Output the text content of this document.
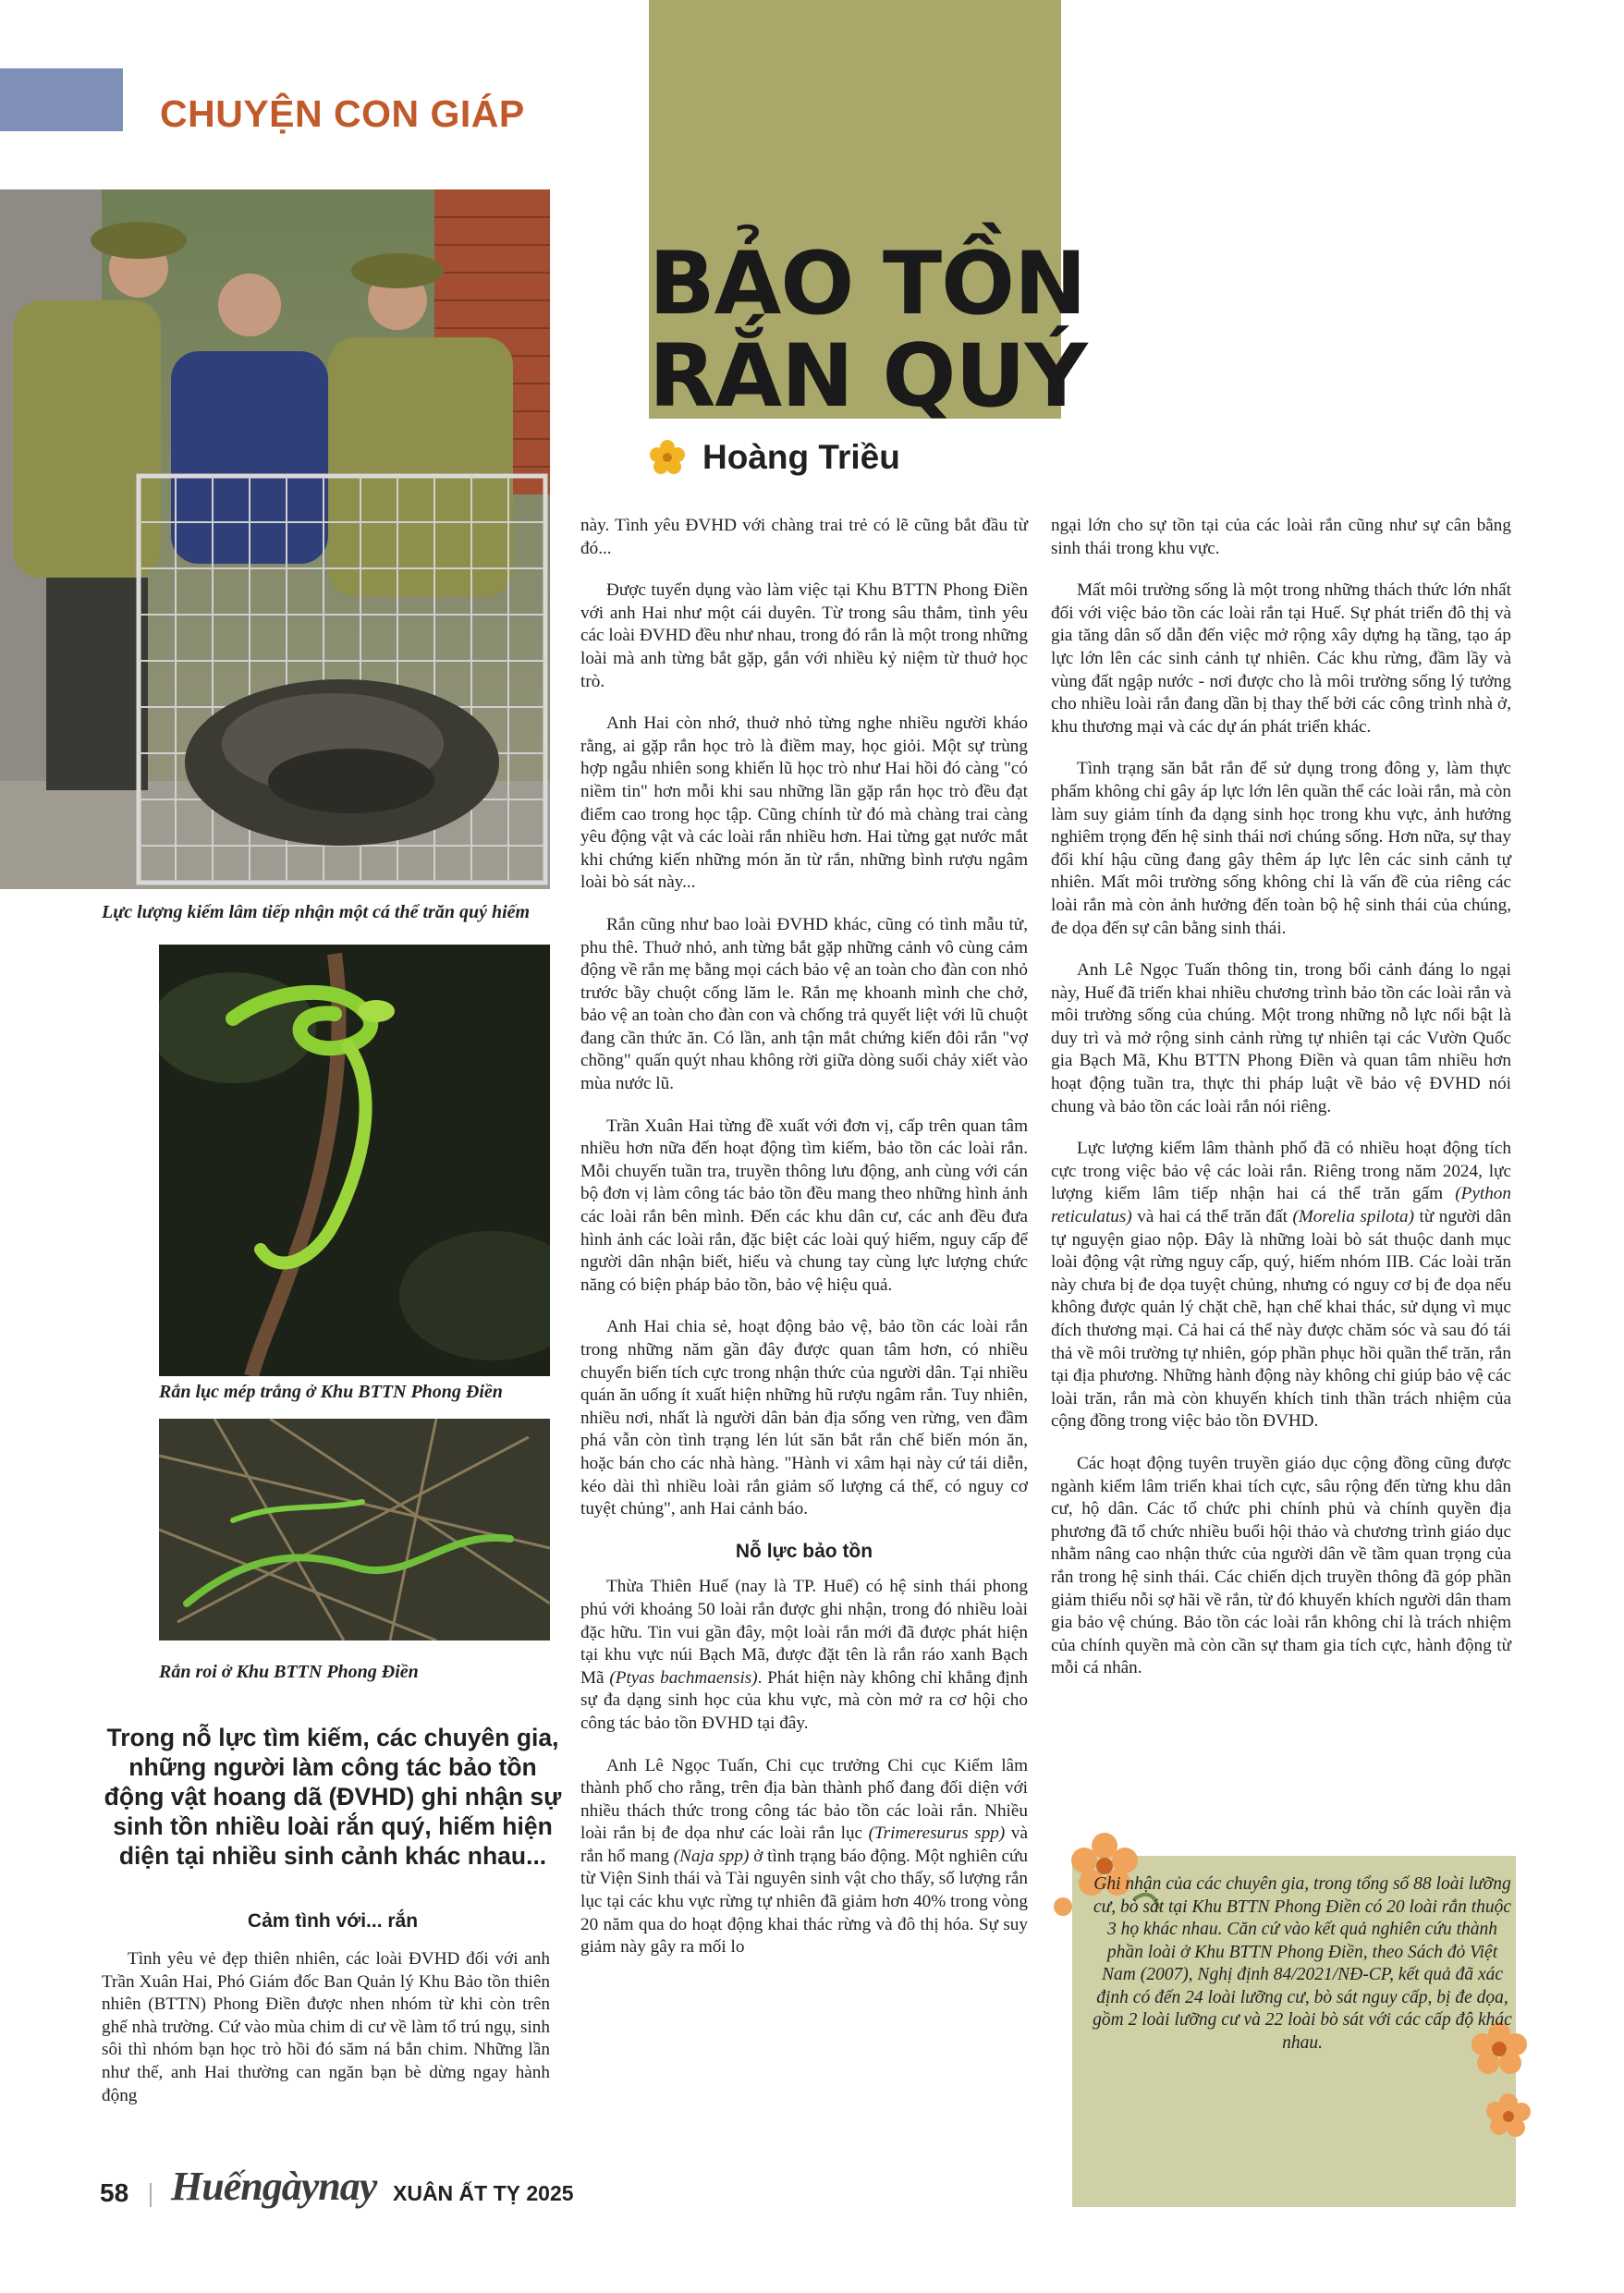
CHUYỆN CON GIÁP
BẢO TỒN
RẮN QUÝ
Hoàng Triều
Lực lượng kiểm lâm tiếp nhận một cá thể trăn quý hiếm
Rắn lục mép trắng ở Khu BTTN Phong Điền
Rắn roi ở Khu BTTN Phong Điền
Trong nỗ lực tìm kiếm, các chuyên gia, những người làm công tác bảo tồn động vật hoang dã (ĐVHD) ghi nhận sự sinh tồn nhiều loài rắn quý, hiếm hiện diện tại nhiều sinh cảnh khác nhau...
Cảm tình với... rắn

Tình yêu vẻ đẹp thiên nhiên, các loài ĐVHD đối với anh Trần Xuân Hai, Phó Giám đốc Ban Quản lý Khu Bảo tồn thiên nhiên (BTTN) Phong Điền được nhen nhóm từ khi còn trên ghế nhà trường. Cứ vào mùa chim di cư về làm tổ trú ngụ, sinh sôi thì nhóm bạn học trò hồi đó săm ná bắn chim. Những lần như thế, anh Hai thường can ngăn bạn bè dừng ngay hành động

này. Tình yêu ĐVHD với chàng trai trẻ có lẽ cũng bắt đầu từ đó...

Được tuyển dụng vào làm việc tại Khu BTTN Phong Điền với anh Hai như một cái duyên. Từ trong sâu thẳm, tình yêu các loài ĐVHD đều như nhau, trong đó rắn là một trong những loài mà anh từng bắt gặp, gắn với nhiều kỷ niệm từ thuở học trò.

Anh Hai còn nhớ, thuở nhỏ từng nghe nhiều người kháo rằng, ai gặp rắn học trò là điềm may, học giỏi. Một sự trùng hợp ngẫu nhiên song khiến lũ học trò như Hai hồi đó càng "có niềm tin" hơn mỗi khi sau những lần gặp rắn học trò đều đạt điểm cao trong học tập. Cũng chính từ đó mà chàng trai càng yêu động vật và các loài rắn nhiều hơn. Hai từng gạt nước mắt khi chứng kiến những món ăn từ rắn, những bình rượu ngâm loài bò sát này...

Rắn cũng như bao loài ĐVHD khác, cũng có tình mẫu tử, phu thê. Thuở nhỏ, anh từng bắt gặp những cảnh vô cùng cảm động về rắn mẹ bằng mọi cách bảo vệ an toàn cho đàn con nhỏ trước bầy chuột cống lăm le. Rắn mẹ khoanh mình che chở, bảo vệ an toàn cho đàn con và chống trả quyết liệt với lũ chuột đang cần thức ăn. Có lần, anh tận mắt chứng kiến đôi rắn "vợ chồng" quấn quýt nhau không rời giữa dòng suối chảy xiết vào mùa nước lũ.

Trần Xuân Hai từng đề xuất với đơn vị, cấp trên quan tâm nhiều hơn nữa đến hoạt động tìm kiếm, bảo tồn các loài rắn. Mỗi chuyến tuần tra, truyền thông lưu động, anh cùng với cán bộ đơn vị làm công tác bảo tồn đều mang theo những hình ảnh các loài rắn bên mình. Đến các khu dân cư, các anh đều đưa hình ảnh các loài rắn, đặc biệt các loài quý hiếm, nguy cấp để người dân nhận biết, hiểu và chung tay cùng lực lượng chức năng có biện pháp bảo tồn, bảo vệ hiệu quả.

Anh Hai chia sẻ, hoạt động bảo vệ, bảo tồn các loài rắn trong những năm gần đây được quan tâm hơn, có nhiều chuyển biến tích cực trong nhận thức của người dân. Tại nhiều quán ăn uống ít xuất hiện những hũ rượu ngâm rắn. Tuy nhiên, nhiều nơi, nhất là người dân bản địa sống ven rừng, ven đầm phá vẫn còn tình trạng lén lút săn bắt rắn chế biến món ăn, hoặc bán cho các nhà hàng. "Hành vi xâm hại này cứ tái diễn, kéo dài thì nhiều loài rắn giảm số lượng cá thể, có nguy cơ tuyệt chủng", anh Hai cảnh báo.

Nỗ lực bảo tồn

Thừa Thiên Huế (nay là TP. Huế) có hệ sinh thái phong phú với khoảng 50 loài rắn được ghi nhận, trong đó nhiều loài đặc hữu. Tin vui gần đây, một loài rắn mới đã được phát hiện tại khu vực núi Bạch Mã, được đặt tên là rắn ráo xanh Bạch Mã (Ptyas bachmaensis). Phát hiện này không chỉ khẳng định sự đa dạng sinh học của khu vực, mà còn mở ra cơ hội cho công tác bảo tồn ĐVHD tại đây.

Anh Lê Ngọc Tuấn, Chi cục trưởng Chi cục Kiểm lâm thành phố cho rằng, trên địa bàn thành phố đang đối diện với nhiều thách thức trong công tác bảo tồn các loài rắn. Nhiều loài rắn bị đe dọa như các loài rắn lục (Trimeresurus spp) và rắn hổ mang (Naja spp) ở tình trạng báo động. Một nghiên cứu từ Viện Sinh thái và Tài nguyên sinh vật cho thấy, số lượng rắn lục tại các khu vực rừng tự nhiên đã giảm hơn 40% trong vòng 20 năm qua do hoạt động khai thác rừng và đô thị hóa. Sự suy giảm này gây ra mối lo

ngại lớn cho sự tồn tại của các loài rắn cũng như sự cân bằng sinh thái trong khu vực.

Mất môi trường sống là một trong những thách thức lớn nhất đối với việc bảo tồn các loài rắn tại Huế. Sự phát triển đô thị và gia tăng dân số dẫn đến việc mở rộng xây dựng hạ tầng, tạo áp lực lớn lên các sinh cảnh tự nhiên. Các khu rừng, đầm lầy và vùng đất ngập nước - nơi được cho là môi trường sống lý tưởng cho nhiều loài rắn đang dần bị thay thế bởi các công trình nhà ở, khu thương mại và các dự án phát triển khác.

Tình trạng săn bắt rắn để sử dụng trong đông y, làm thực phẩm không chỉ gây áp lực lớn lên quần thể các loài rắn, mà còn làm suy giảm tính đa dạng sinh học trong khu vực, ảnh hưởng nghiêm trọng đến hệ sinh thái nơi chúng sống. Hơn nữa, sự thay đổi khí hậu cũng đang gây thêm áp lực lên các sinh cảnh tự nhiên. Mất môi trường sống không chỉ là vấn đề của riêng các loài rắn mà còn ảnh hưởng đến toàn bộ hệ sinh thái của chúng, đe dọa đến sự cân bằng sinh thái.

Anh Lê Ngọc Tuấn thông tin, trong bối cảnh đáng lo ngại này, Huế đã triển khai nhiều chương trình bảo tồn các loài rắn và môi trường sống của chúng. Một trong những nỗ lực nổi bật là duy trì và mở rộng sinh cảnh rừng tự nhiên tại các Vườn Quốc gia Bạch Mã, Khu BTTN Phong Điền và quan tâm nhiều hơn hoạt động tuần tra, thực thi pháp luật về bảo vệ ĐVHD nói chung và bảo tồn các loài rắn nói riêng.

Lực lượng kiểm lâm thành phố đã có nhiều hoạt động tích cực trong việc bảo vệ các loài rắn. Riêng trong năm 2024, lực lượng kiểm lâm tiếp nhận hai cá thể trăn gấm (Python reticulatus) và hai cá thể trăn đất (Morelia spilota) từ người dân tự nguyện giao nộp. Đây là những loài bò sát thuộc danh mục loài động vật rừng nguy cấp, quý, hiếm nhóm IIB. Các loài trăn này chưa bị đe dọa tuyệt chủng, nhưng có nguy cơ bị đe dọa nếu không được quản lý chặt chẽ, hạn chế khai thác, sử dụng vì mục đích thương mại. Cả hai cá thể này được chăm sóc và sau đó tái thả về môi trường tự nhiên, góp phần phục hồi quần thể trăn, rắn tại địa phương. Những hành động này không chỉ giúp bảo vệ các loài trăn, rắn mà còn khuyến khích tinh thần trách nhiệm của cộng đồng trong việc bảo tồn ĐVHD.

Các hoạt động tuyên truyền giáo dục cộng đồng cũng được ngành kiểm lâm triển khai tích cực, sâu rộng đến từng khu dân cư, hộ dân. Các tổ chức phi chính phủ và chính quyền địa phương đã tổ chức nhiều buổi hội thảo và chương trình giáo dục nhằm nâng cao nhận thức của người dân về tầm quan trọng của rắn trong hệ sinh thái. Các chiến dịch truyền thông đã góp phần giảm thiểu nỗi sợ hãi về rắn, từ đó khuyến khích người dân tham gia bảo vệ chúng. Bảo tồn các loài rắn không chỉ là trách nhiệm của chính quyền mà còn cần sự tham gia tích cực, hành động từ mỗi cá nhân.

Ghi nhận của các chuyên gia, trong tổng số 88 loài lưỡng cư, bò sát tại Khu BTTN Phong Điền có 20 loài rắn thuộc 3 họ khác nhau. Căn cứ vào kết quả nghiên cứu thành phần loài ở Khu BTTN Phong Điền, theo Sách đỏ Việt Nam (2007), Nghị định 84/2021/NĐ-CP, kết quả đã xác định có đến 24 loài lưỡng cư, bò sát nguy cấp, bị đe dọa, gồm 2 loài lưỡng cư và 22 loài bò sát với các cấp độ khác nhau.
58 Huếngàynay XUÂN ẤT TỴ 2025
